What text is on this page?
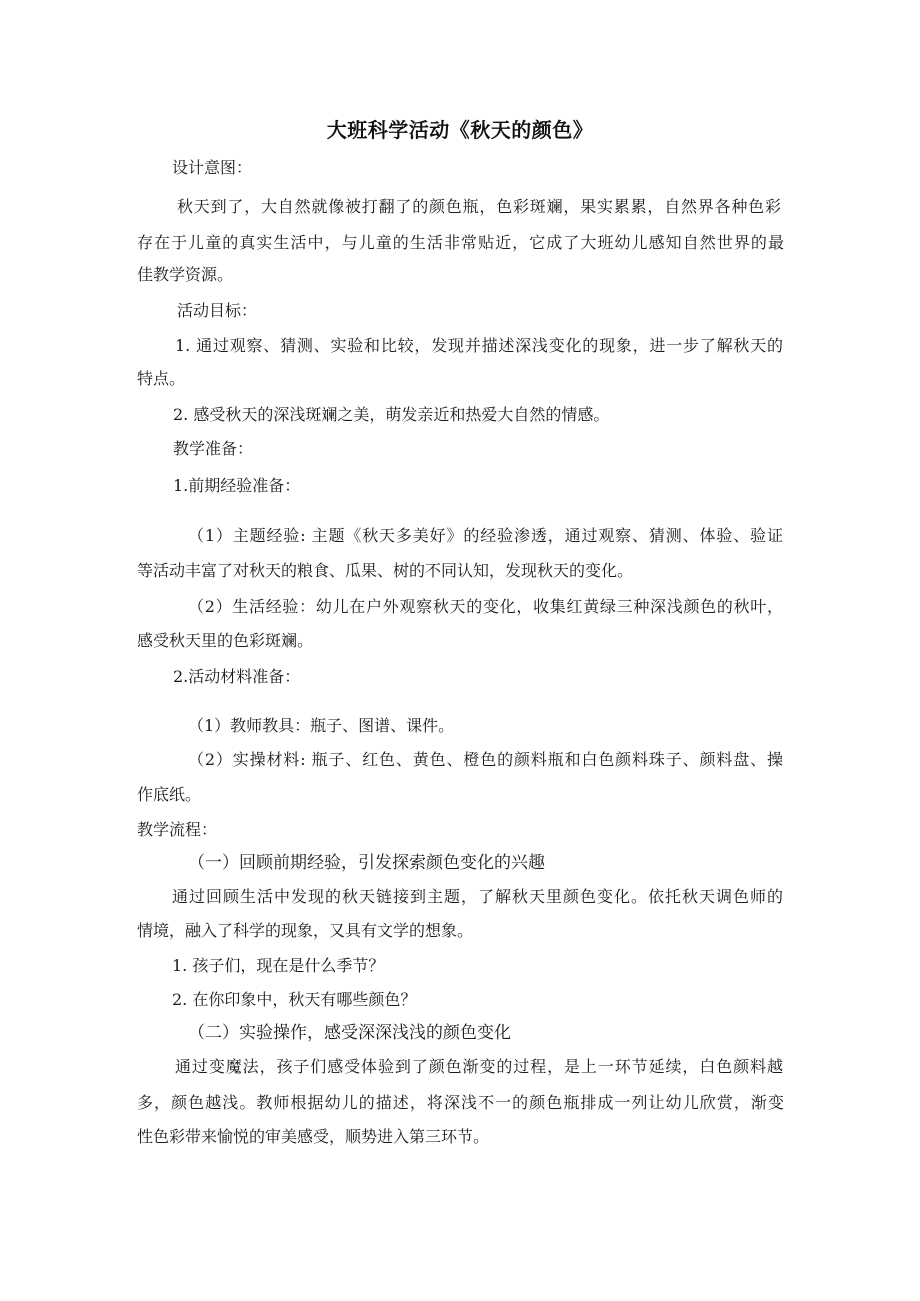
大班科学活动《秋天的颜色》
设计意图：
秋天到了，大自然就像被打翻了的颜色瓶，色彩斑斓，果实累累，自然界各种色彩
存在于儿童的真实生活中，与儿童的生活非常贴近，它成了大班幼儿感知自然世界的最
佳教学资源。
活动目标：
1. 通过观察、猜测、实验和比较，发现并描述深浅变化的现象，进一步了解秋天的
特点。
2. 感受秋天的深浅斑斓之美，萌发亲近和热爱大自然的情感。
教学准备：
1.前期经验准备：
（1）主题经验: 主题《秋天多美好》的经验渗透，通过观察、猜测、体验、验证
等活动丰富了对秋天的粮食、瓜果、树的不同认知，发现秋天的变化。
（2）生活经验：幼儿在户外观察秋天的变化，收集红黄绿三种深浅颜色的秋叶，
感受秋天里的色彩斑斓。
2.活动材料准备：
（1）教师教具：瓶子、图谱、课件。
（2）实操材料: 瓶子、红色、黄色、橙色的颜料瓶和白色颜料珠子、颜料盘、操
作底纸。
教学流程：
（一）回顾前期经验，引发探索颜色变化的兴趣
通过回顾生活中发现的秋天链接到主题，了解秋天里颜色变化。依托秋天调色师的
情境，融入了科学的现象，又具有文学的想象。
1. 孩子们，现在是什么季节？
2. 在你印象中，秋天有哪些颜色？
（二）实验操作，感受深深浅浅的颜色变化
通过变魔法，孩子们感受体验到了颜色渐变的过程，是上一环节延续，白色颜料越
多，颜色越浅。教师根据幼儿的描述，将深浅不一的颜色瓶排成一列让幼儿欣赏，渐变
性色彩带来愉悦的审美感受，顺势进入第三环节。
